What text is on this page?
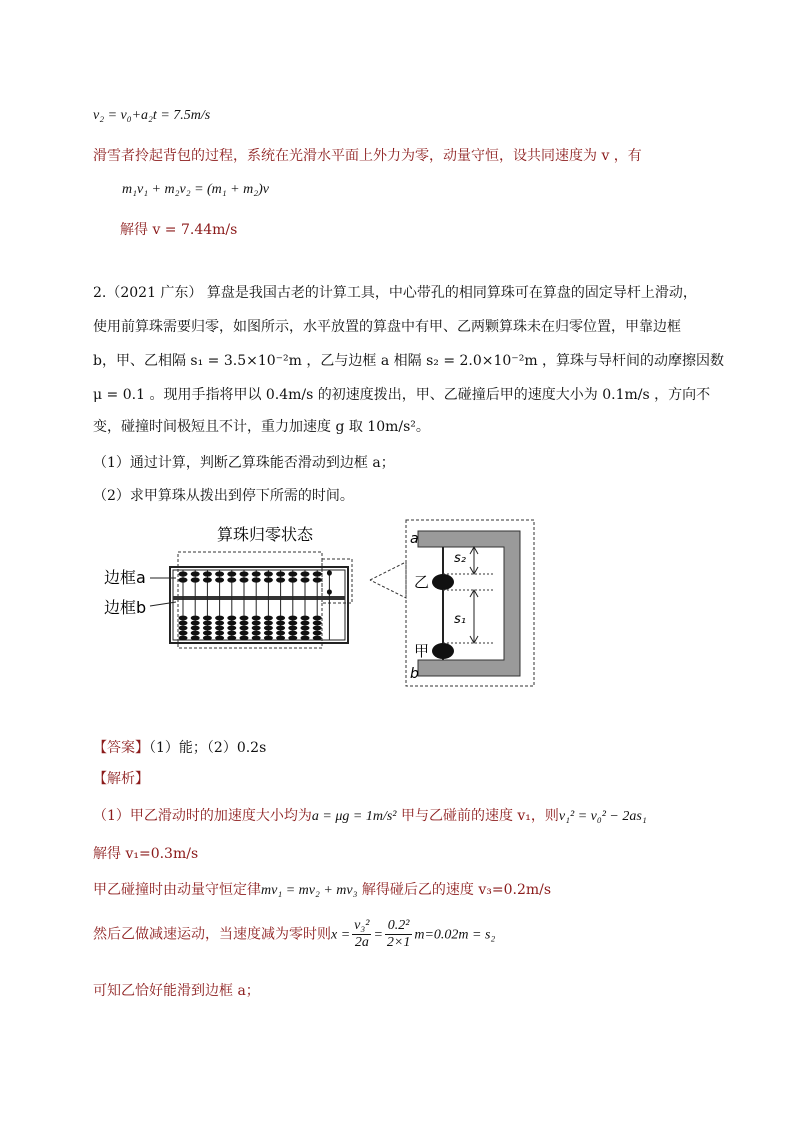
v₂ = v₀+a₂t = 7.5m/s
滑雪者拎起背包的过程，系统在光滑水平面上外力为零，动量守恒，设共同速度为 v ，有
m₁v₁ + m₂v₂ = (m₁ + m₂)v
解得 v = 7.44m/s
2.（2021 广东） 算盘是我国古老的计算工具，中心带孔的相同算珠可在算盘的固定导杆上滑动，
使用前算珠需要归零，如图所示，水平放置的算盘中有甲、乙两颗算珠未在归零位置，甲靠边框
b，甲、乙相隔 s₁ = 3.5×10⁻²m ，乙与边框 a 相隔 s₂ = 2.0×10⁻²m ，算珠与导杆间的动摩擦因数
μ = 0.1 。现用手指将甲以 0.4m/s 的初速度拨出，甲、乙碰撞后甲的速度大小为 0.1m/s ，方向不
变，碰撞时间极短且不计，重力加速度 g 取 10m/s²。
（1）通过计算，判断乙算珠能否滑动到边框 a；
（2）求甲算珠从拨出到停下所需的时间。
算珠归零状态
边框a
边框b
s₂
s₁
乙
甲
a
b
【答案】（1）能；（2）0.2s
【解析】
（1）甲乙滑动时的加速度大小均为a = μg = 1m/s² 甲与乙碰前的速度 v₁，则v₁² = v₀² − 2as₁
解得 v₁=0.3m/s
甲乙碰撞时由动量守恒定律mv₁ = mv₂ + mv₃ 解得碰后乙的速度 v₃=0.2m/s
然后乙做减速运动，当速度减为零时则$x = \frac{\text{v₃²}}{2a} = \frac{\text{0.2²}}{2\times 1} m=0.02m = s_2$
可知乙恰好能滑到边框 a；
